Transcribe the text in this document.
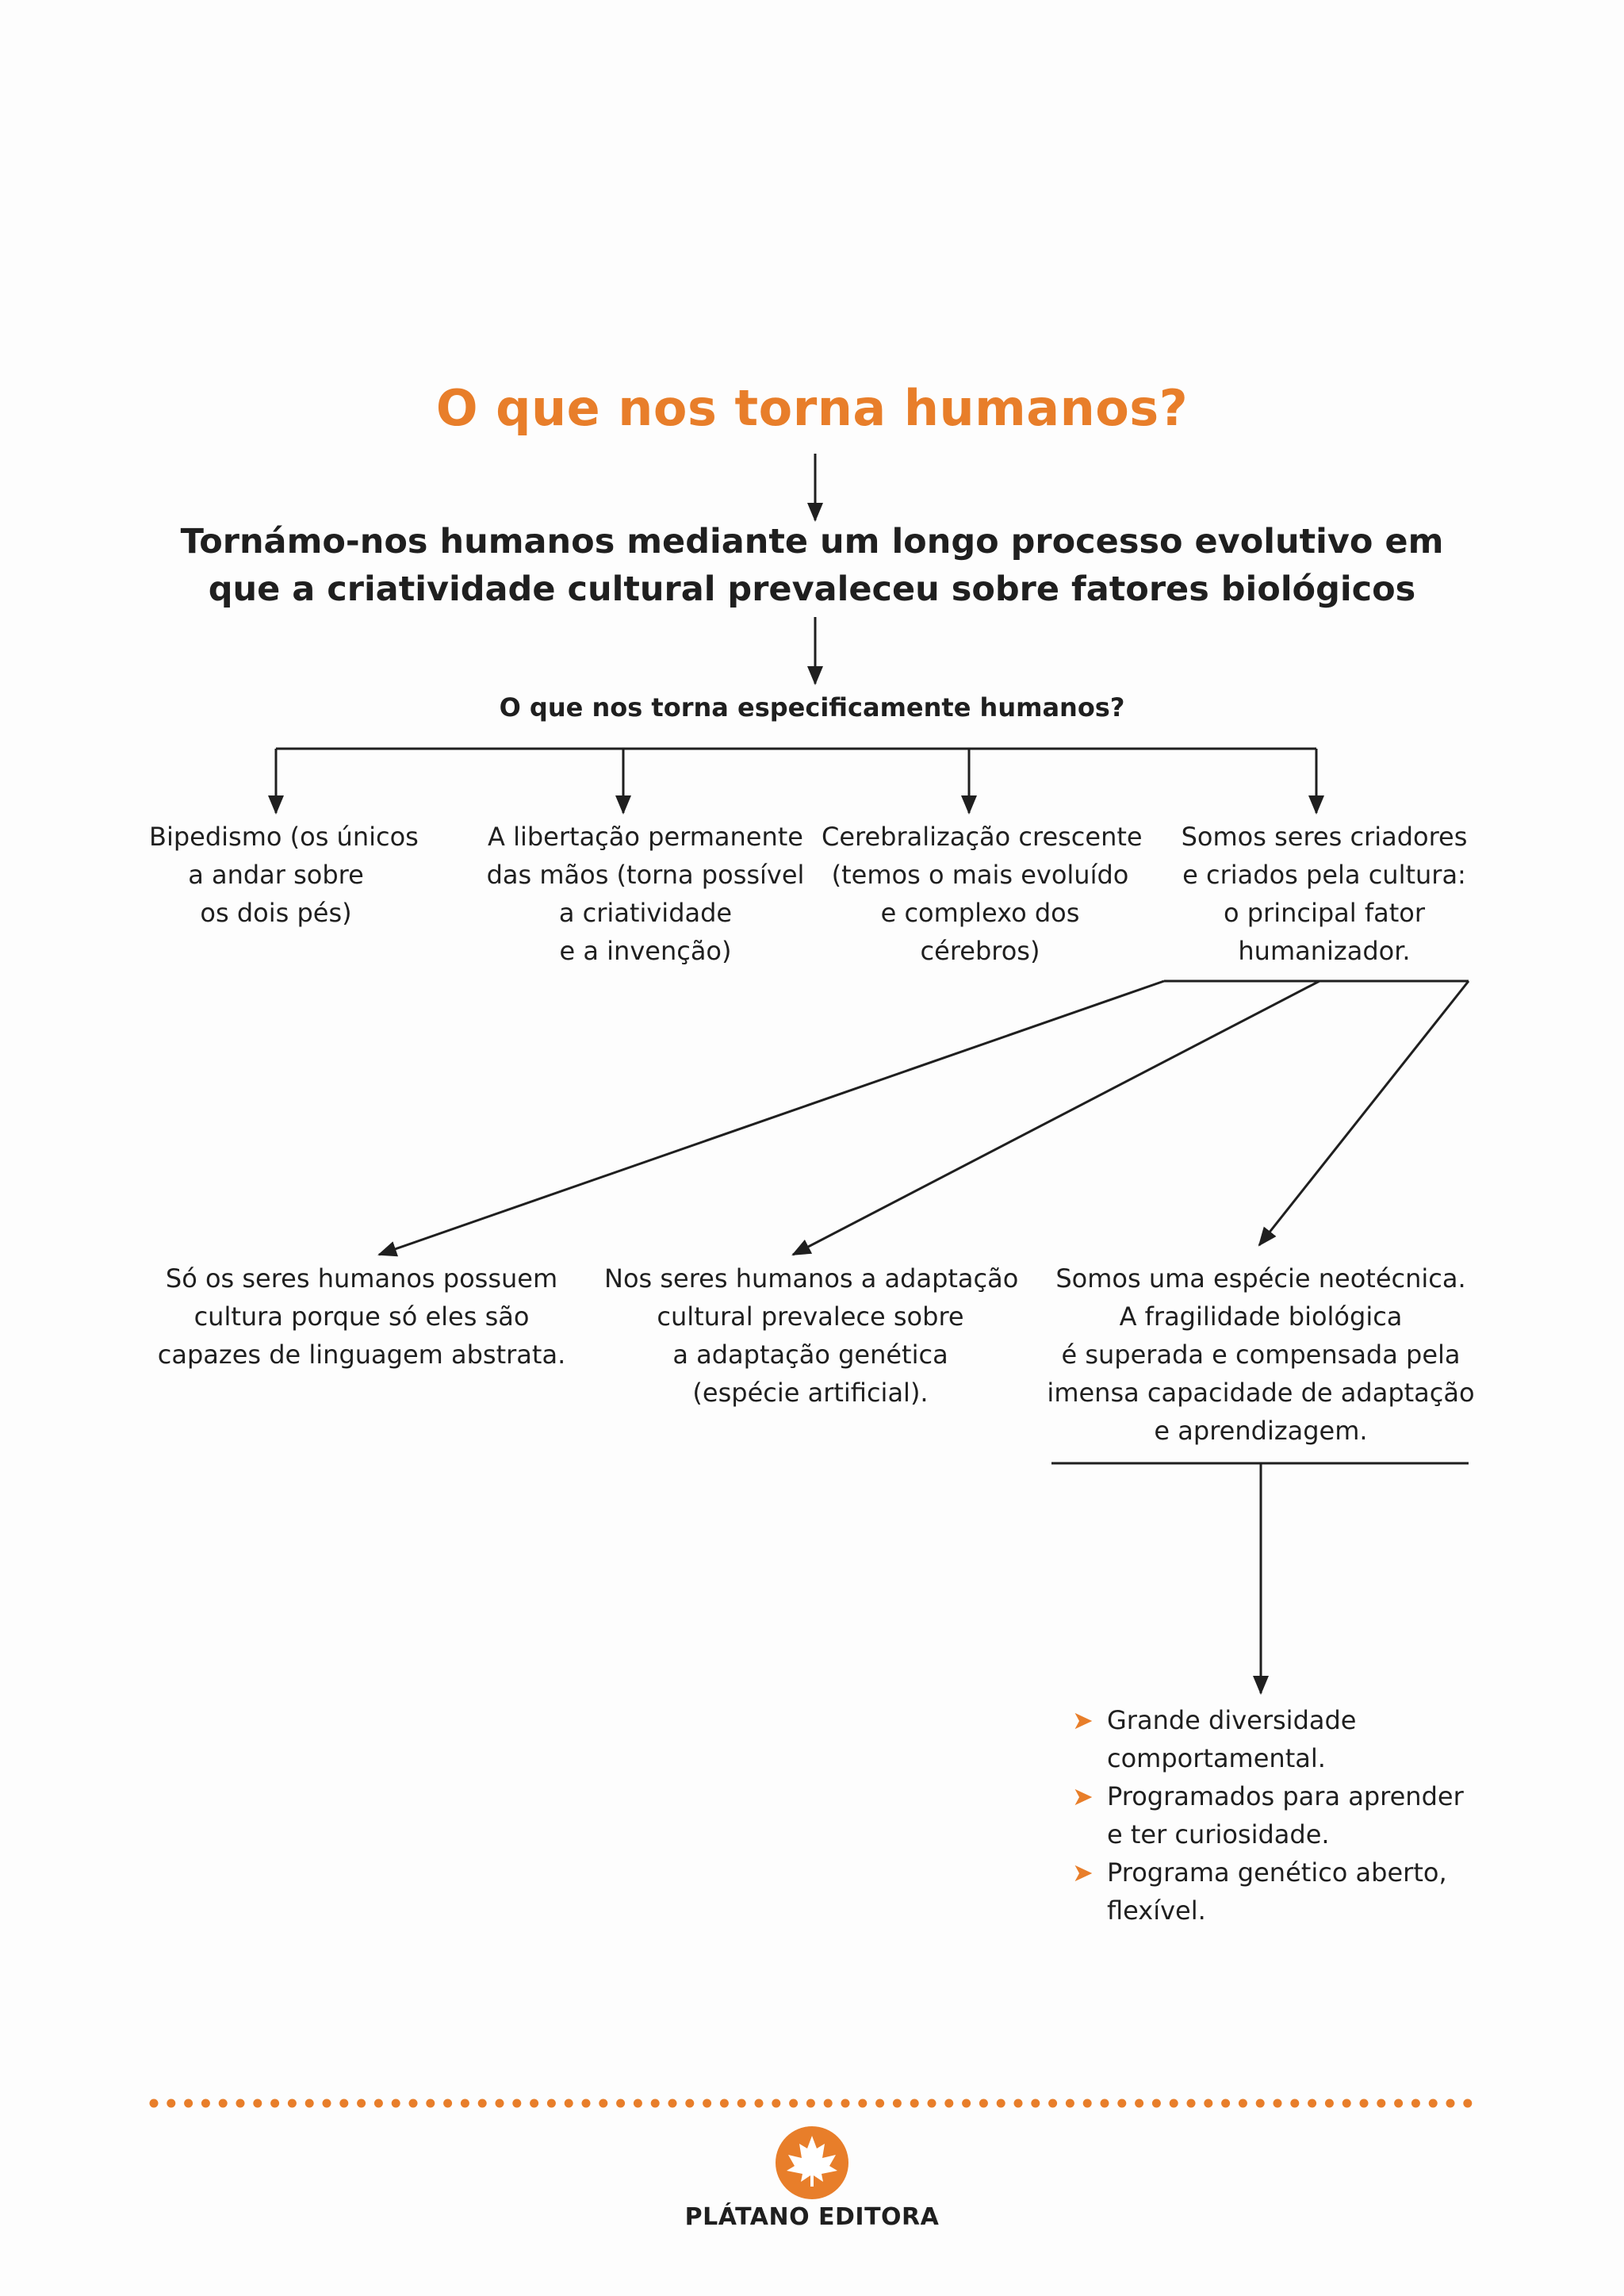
O que nos torna humanos?
Tornámo-nos humanos mediante um longo processo evolutivo em
que a criatividade cultural prevaleceu sobre fatores biológicos
O que nos torna especificamente humanos?
Bipedismo (os únicos
a andar sobre
os dois pés)
A libertação permanente
das mãos (torna possível
a criatividade
e a invenção)
Cerebralização crescente
(temos o mais evoluído
e complexo dos
cérebros)
Somos seres criadores
e criados pela cultura:
o principal fator
humanizador.
Só os seres humanos possuem
cultura porque só eles são
capazes de linguagem abstrata.
Nos seres humanos a adaptação
cultural prevalece sobre
a adaptação genética
(espécie artificial).
Somos uma espécie neotécnica.
A fragilidade biológica
é superada e compensada pela
imensa capacidade de adaptação
e aprendizagem.
➤ Grande diversidade
comportamental.
➤ Programados para aprender
e ter curiosidade.
➤ Programa genético aberto,
flexível.
PLÁTANO EDITORA
